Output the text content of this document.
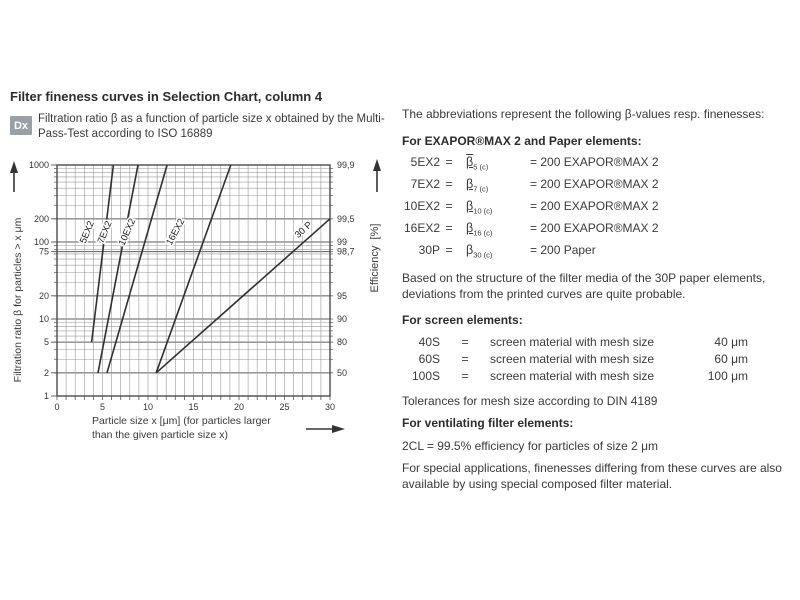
Filter fineness curves in Selection Chart, column 4
Dx
Filtration ratio β as a function of particle size x obtained by the Multi-Pass-Test according to ISO 16889
Filtration ratio β for particles > x μm	Efficiency  [%]
Particle size x [μm] (for particles larger
than the given particle size x)
1000
200
100
75
20
10
5
2
1
99,9
99,5
99
98,7
95
90
80
50
0	5	10	15	20	25	30
5EX2
7EX2 10EX2	16EX2	30 P

The abbreviations represent the following β-values resp. finenesses:

For EXAPOR®MAX 2 and Paper elements:
5EX2 =	$\beta_{5 (c)}$	= 200 EXAPOR®MAX 2
7EX2 =	$\beta_{7 (c)}$	= 200 EXAPOR®MAX 2
10EX2 =	$\beta_{10 (c)}$	= 200 EXAPOR®MAX 2
16EX2 =	$\beta_{16 (c)}$	= 200 EXAPOR®MAX 2
30P =	$\beta_{30 (c)}$	= 200 Paper

Based on the structure of the filter media of the 30P paper elements, deviations from the printed curves are quite probable.

For screen elements:
40S	=	screen material with mesh size	40 μm
60S	=	screen material with mesh size	60 μm
100S	=	screen material with mesh size	100 μm

Tolerances for mesh size according to DIN 4189

For ventilating filter elements:

2CL = 99.5% efficiency for particles of size 2 μm

For special applications, finenesses differing from these curves are also available by using special composed filter material.
